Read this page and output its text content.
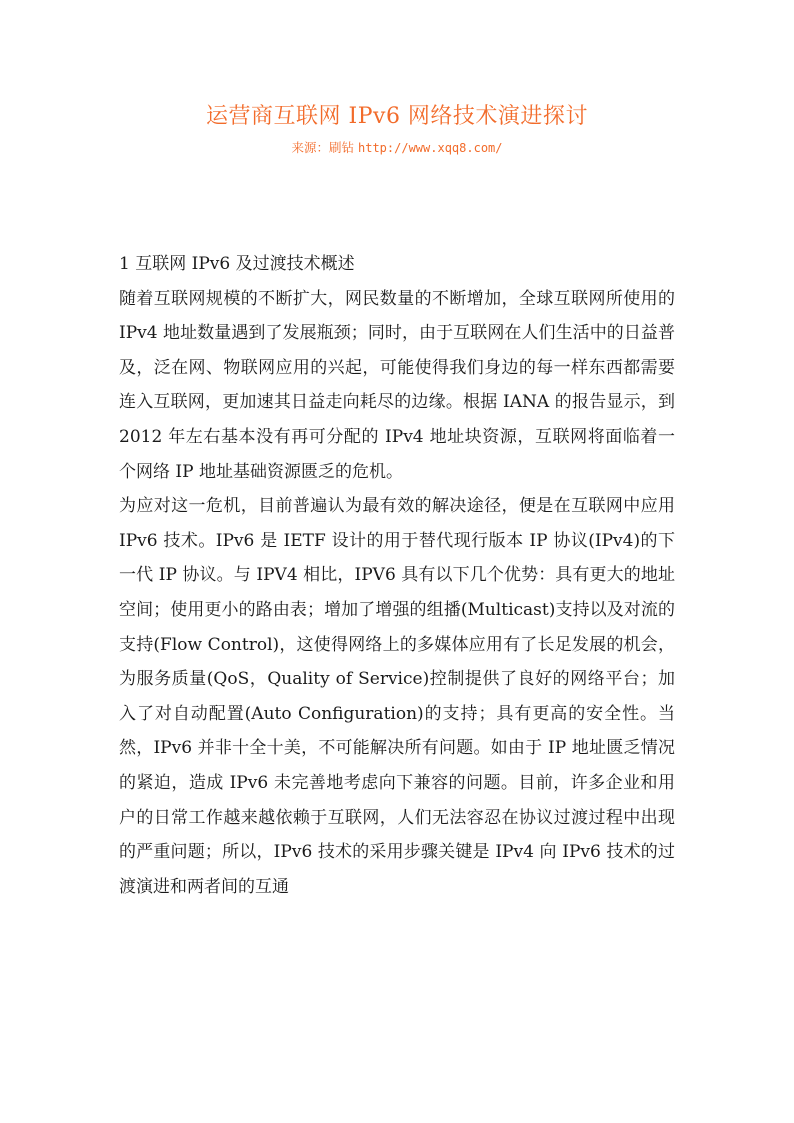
运营商互联网 IPv6 网络技术演进探讨
来源：刷钻 http://www.xqq8.com/

1 互联网 IPv6 及过渡技术概述

随着互联网规模的不断扩大，网民数量的不断增加，全球互联网所使用的 IPv4 地址数量遇到了发展瓶颈；同时，由于互联网在人们生活中的日益普及，泛在网、物联网应用的兴起，可能使得我们身边的每一样东西都需要连入互联网，更加速其日益走向耗尽的边缘。根据 IANA 的报告显示，到 2012 年左右基本没有再可分配的 IPv4 地址块资源，互联网将面临着一个网络 IP 地址基础资源匮乏的危机。

为应对这一危机，目前普遍认为最有效的解决途径，便是在互联网中应用 IPv6 技术。IPv6 是 IETF 设计的用于替代现行版本 IP 协议(IPv4)的下一代 IP 协议。与 IPV4 相比，IPV6 具有以下几个优势：具有更大的地址空间；使用更小的路由表；增加了增强的组播(Multicast)支持以及对流的支持(Flow Control)，这使得网络上的多媒体应用有了长足发展的机会，为服务质量(QoS，Quality of Service)控制提供了良好的网络平台；加入了对自动配置(Auto Configuration)的支持；具有更高的安全性。当然，IPv6 并非十全十美，不可能解决所有问题。如由于 IP 地址匮乏情况的紧迫，造成 IPv6 未完善地考虑向下兼容的问题。目前，许多企业和用户的日常工作越来越依赖于互联网，人们无法容忍在协议过渡过程中出现的严重问题；所以，IPv6 技术的采用步骤关键是 IPv4 向 IPv6 技术的过渡演进和两者间的互通
